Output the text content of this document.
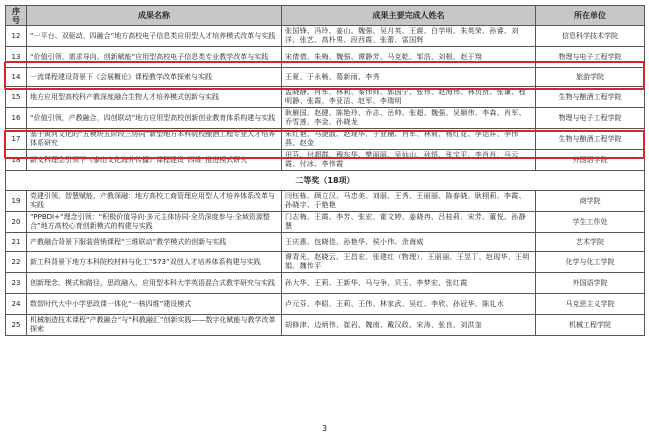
序号	成果名称	成果主要完成人姓名	所在单位
12	“一平台、双驱动、四融合”地方高校电子信息类应用型人才培养模式改革与实践	张国锋、冯玲、姜山、魏强、吴月英、王震、白学明、朱英荣、孙睿、刘洋、张艺、高朴男、段西霞、张蕾、雷国辉	信息科学技术学院
13	“价值引领、需求导向、创新赋能”应用型高校电子信息类专业教学改革与实践	宋倩倩、朱梅、魏强、谭静芳、马克乾、邹浩、刘根、赵于翔	物理与电子工程学院
14	一流课程建设背景下《会展概论》课程教学改革探索与实践	王夏、于永畅、葛新雨、李秀	旅游学院
15	地方应用型高校科产教深度融合生物人才培养模式创新与实践	孟晓静、肖军、林莉、秦伟帅、郭国宁、张伟、赵海伟、林贞贤、张谦、程明静、张霞、李亚洁、赵军、李瑞明	生物与酿酒工程学院
16	“价值引领，产教融合，四创联动”地方应用型高校创新创业教育体系构建与实践	耿雁国、赵健、陈艳玲、乔志、岳帅、张超、魏强、吴顺伟、李森、肖军、乔雪莲、李金、孙晓龙	物理与电子工程学院
17	基于黄河文化的“五模块五阶段三协同”新型地方本科院校酿酒工程专业人才培养体系研究	朱红艳、马捷淑、赵现华、于亚楠、肖军、林莉、杨红花、李运祥、李伟燕、赵金	生物与酿酒工程学院
18	新文科理念引领下《泰山文化海外传播》课程建设“四维”推进模式研究	田芬、付超群、穆东华、樊丽丽、吴仙山、孙悟、张宝平、李肖肖、马云霞、付冰、李伟霞	外国语学院
二等奖（18项）			
19	党建引领、智慧赋能、产教深融：地方高校工商管理应用型人才培养体系改革与实践	闫钰栋、顾立汉、马忠美、刘丽、王秀、王丽丽、陈春晓、耿栩莉、李霞、孙晓宇、于艳艳	商学院
20	“PPBDI+”理念引领：“积极价值导向·多元主体协同·全员深度参与·全域资源整合”地方高校心育创新模式的构建与实践	门志梅、王霞、李芳、张宏、霍文婷、姜晓冉、吕桂莉、宋芳、董悦、孙静慧	学生工作处
21	产教融合背景下服装营销课程“三维联动”教学模式的创新与实践	王庆惠、包晓佳、孙艳华、侯小伟、余海威	艺术学院
22	新工科背景下地方本科院校材料与化工“573”双创人才培养体系构建与实践	谭青光、赵晓云、王昌宏、张建红（物理）、王丽丽、王昱丁、赵现华、王明娟、魏传平	化学与化工学院
23	创新理念、模式和路径，思政融入、应用型本科大学英语混合式教学研究与实践	孙大华、王莉、王新华、马与争、贝玉、李梦宏、张红霞	外国语学院
24	数智时代大中小学思政课一体化“一核四维”建设模式	卢元芬、李昭、王莉、王伟、林家武、吴红、李欣、孙冠华、陈礼水	马克思主义学院
25	机械制造技术课程“产教融合”与“科教融汇”创新实践——数字化赋能与教学改革探索	胡修津、边炳伟、崔岩、魏南、戴汉政、宋涛、张良、刘洪奎	机械工程学院
3
